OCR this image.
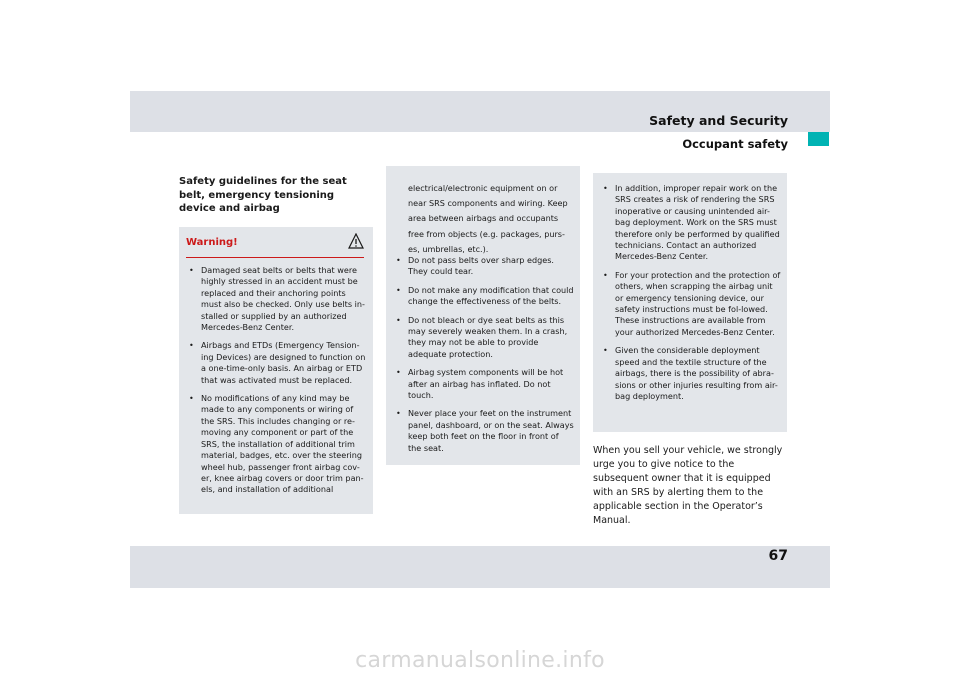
Safety and Security
Occupant safety
Safety guidelines for the seat belt, emergency tensioning device and airbag
Warning!
• Damaged seat belts or belts that were highly stressed in an accident must be replaced and their anchoring points must also be checked. Only use belts in-stalled or supplied by an authorized Mercedes-Benz Center.
• Airbags and ETDs (Emergency Tension-ing Devices) are designed to function on a one-time-only basis. An airbag or ETD that was activated must be replaced.
• No modifications of any kind may be made to any components or wiring of the SRS. This includes changing or re-moving any component or part of the SRS, the installation of additional trim material, badges, etc. over the steering wheel hub, passenger front airbag cov-er, knee airbag covers or door trim pan-els, and installation of additional
electrical/electronic equipment on or near SRS components and wiring. Keep area between airbags and occupants free from objects (e.g. packages, purs-es, umbrellas, etc.).
• Do not pass belts over sharp edges. They could tear.
• Do not make any modification that could change the effectiveness of the belts.
• Do not bleach or dye seat belts as this may severely weaken them. In a crash, they may not be able to provide adequate protection.
• Airbag system components will be hot after an airbag has inflated. Do not touch.
• Never place your feet on the instrument panel, dashboard, or on the seat. Always keep both feet on the floor in front of the seat.
• In addition, improper repair work on the SRS creates a risk of rendering the SRS inoperative or causing unintended air-bag deployment. Work on the SRS must therefore only be performed by qualified technicians. Contact an authorized Mercedes-Benz Center.
• For your protection and the protection of others, when scrapping the airbag unit or emergency tensioning device, our safety instructions must be fol-lowed. These instructions are available from your authorized Mercedes-Benz Center.
• Given the considerable deployment speed and the textile structure of the airbags, there is the possibility of abra-sions or other injuries resulting from air-bag deployment.
When you sell your vehicle, we strongly urge you to give notice to the subsequent owner that it is equipped with an SRS by alerting them to the applicable section in the Operator’s Manual.
67
carmanualsonline.info
